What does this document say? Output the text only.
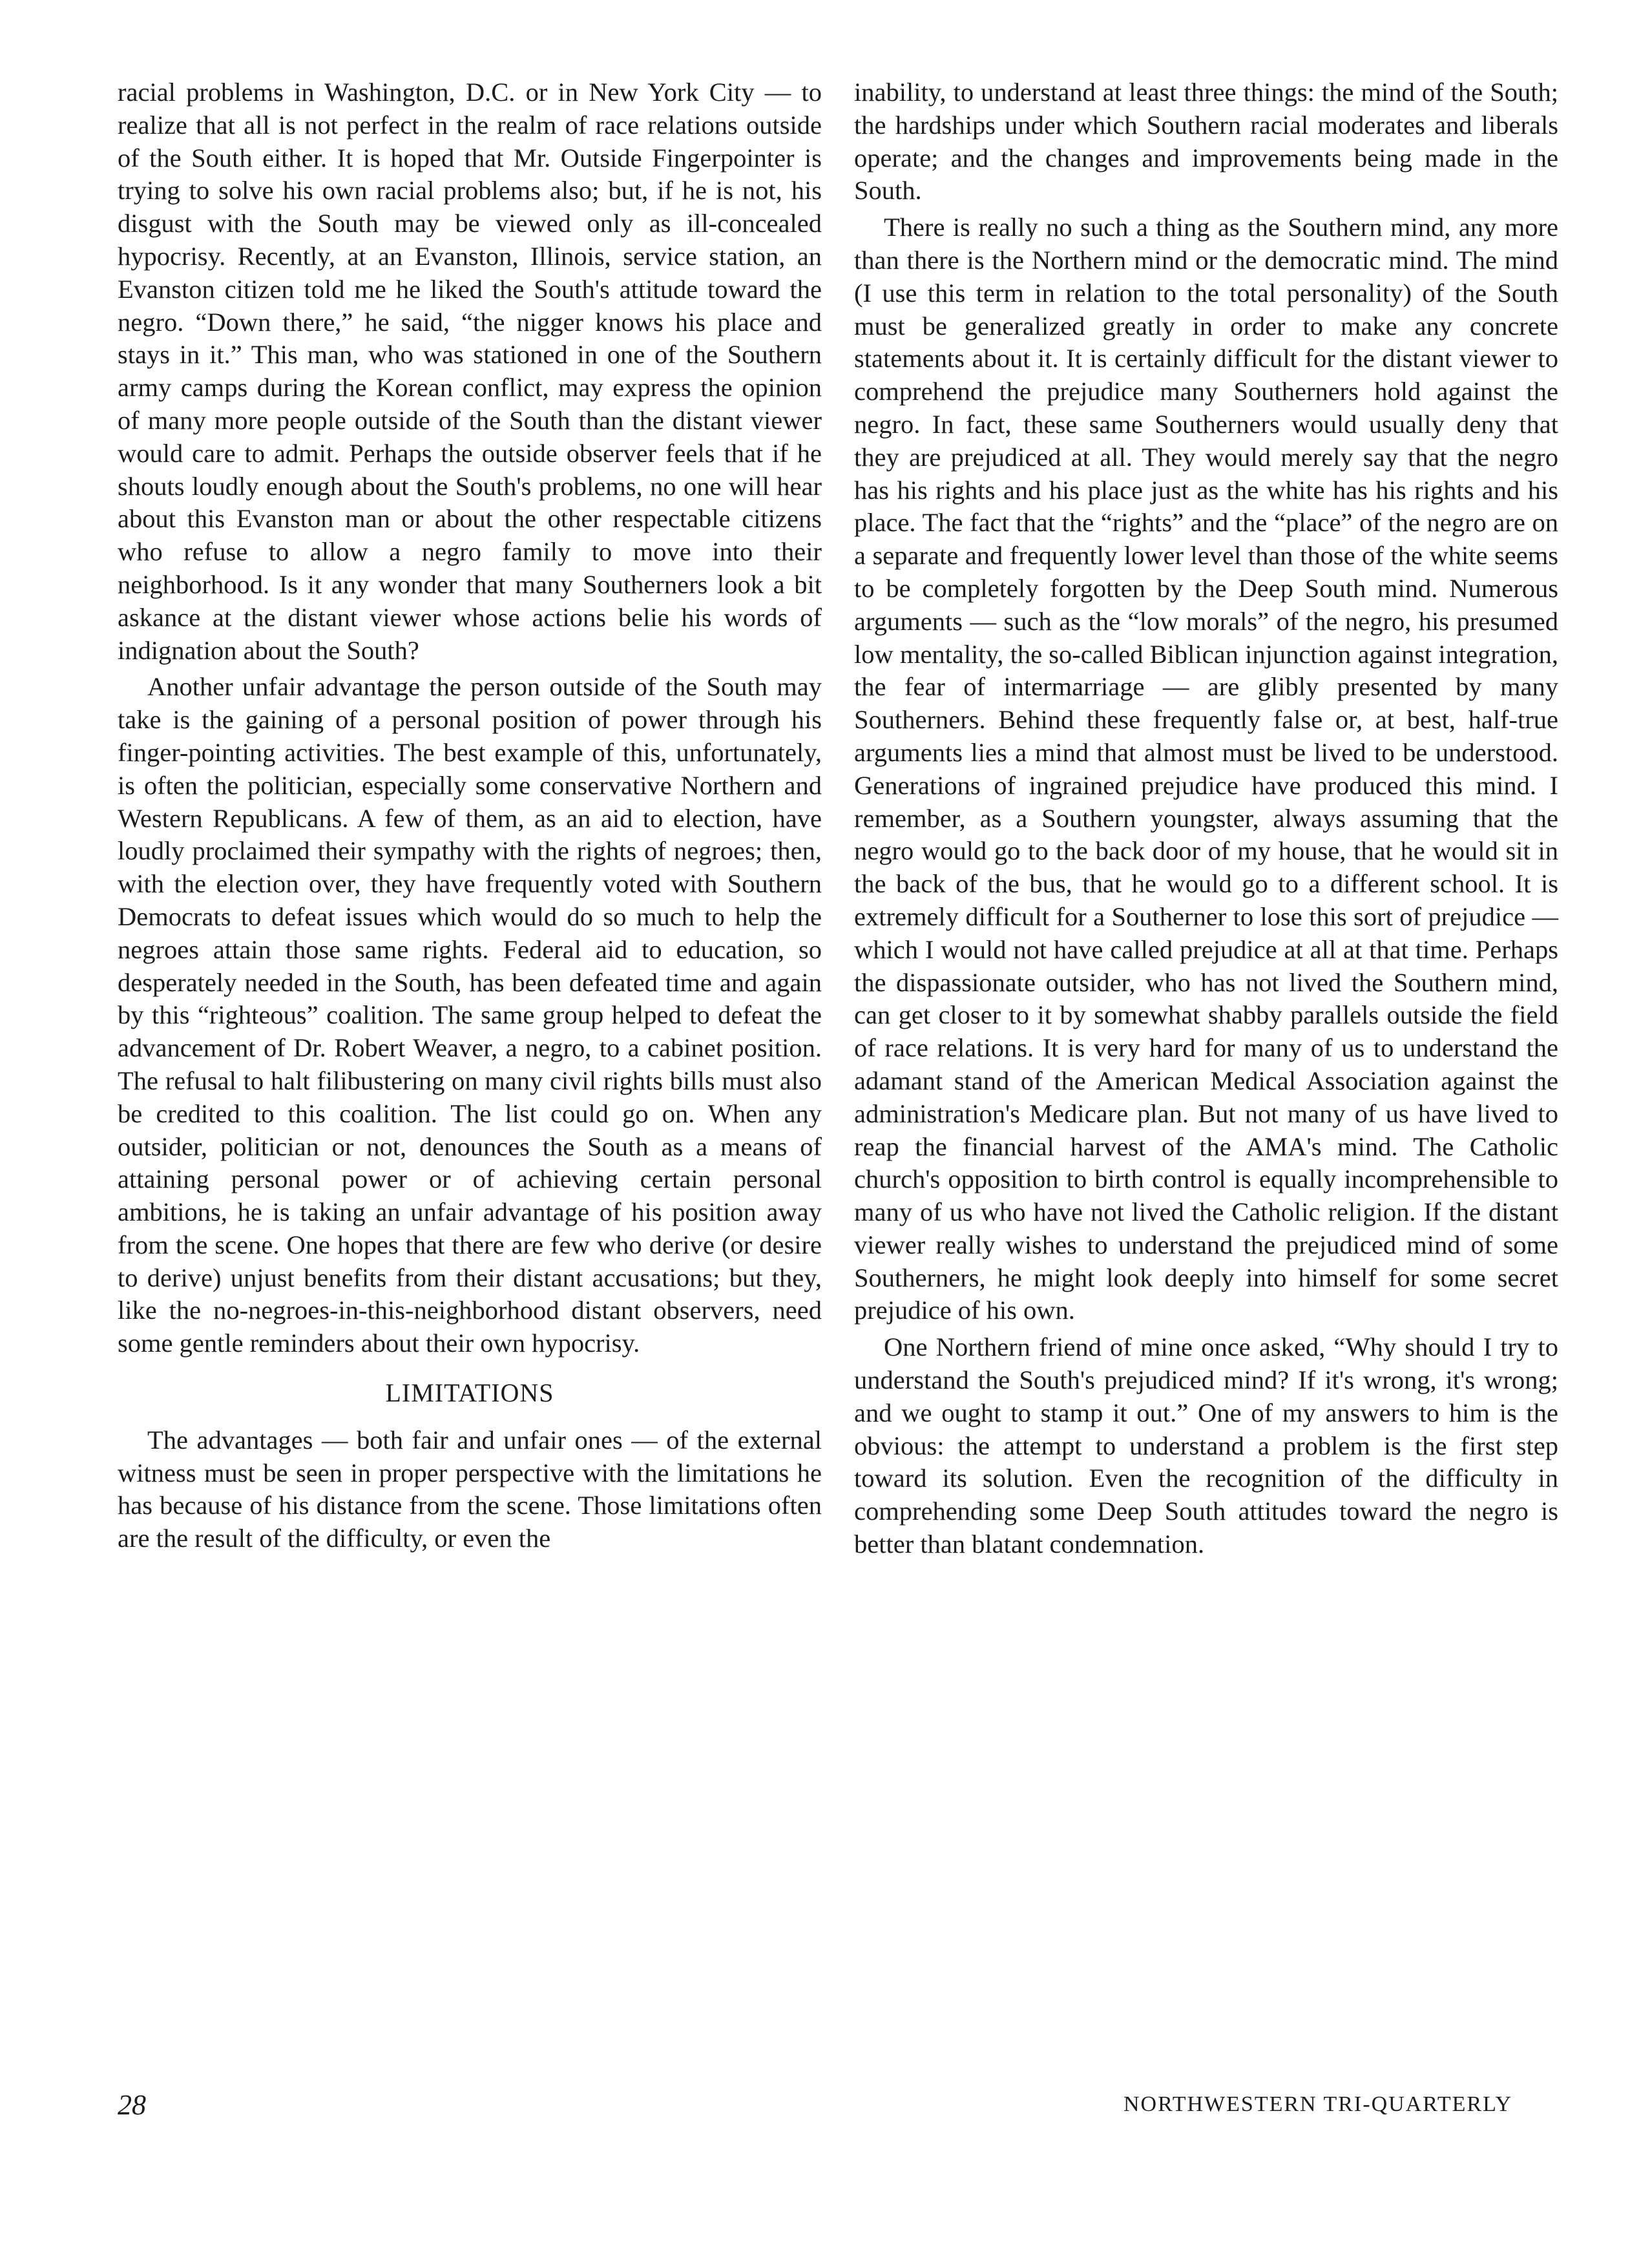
racial problems in Washington, D.C. or in New York City — to realize that all is not perfect in the realm of race relations outside of the South either. It is hoped that Mr. Outside Fingerpointer is trying to solve his own racial problems also; but, if he is not, his disgust with the South may be viewed only as ill-concealed hypocrisy. Recently, at an Evanston, Illinois, service station, an Evanston citizen told me he liked the South's attitude toward the negro. “Down there,” he said, “the nigger knows his place and stays in it.” This man, who was stationed in one of the Southern army camps during the Korean conflict, may express the opinion of many more people outside of the South than the distant viewer would care to admit. Perhaps the outside observer feels that if he shouts loudly enough about the South's problems, no one will hear about this Evanston man or about the other respectable citizens who refuse to allow a negro family to move into their neighborhood. Is it any wonder that many Southerners look a bit askance at the distant viewer whose actions belie his words of indignation about the South?

Another unfair advantage the person outside of the South may take is the gaining of a personal position of power through his finger-pointing activities. The best example of this, unfortunately, is often the politician, especially some conservative Northern and Western Republicans. A few of them, as an aid to election, have loudly proclaimed their sympathy with the rights of negroes; then, with the election over, they have frequently voted with Southern Democrats to defeat issues which would do so much to help the negroes attain those same rights. Federal aid to education, so desperately needed in the South, has been defeated time and again by this “righteous” coalition. The same group helped to defeat the advancement of Dr. Robert Weaver, a negro, to a cabinet position. The refusal to halt filibustering on many civil rights bills must also be credited to this coalition. The list could go on. When any outsider, politician or not, denounces the South as a means of attaining personal power or of achieving certain personal ambitions, he is taking an unfair advantage of his position away from the scene. One hopes that there are few who derive (or desire to derive) unjust benefits from their distant accusations; but they, like the no-negroes-in-this-neighborhood distant observers, need some gentle reminders about their own hypocrisy.

LIMITATIONS

The advantages — both fair and unfair ones — of the external witness must be seen in proper perspective with the limitations he has because of his distance from the scene. Those limitations often are the result of the difficulty, or even the

inability, to understand at least three things: the mind of the South; the hardships under which Southern racial moderates and liberals operate; and the changes and improvements being made in the South.

There is really no such a thing as the Southern mind, any more than there is the Northern mind or the democratic mind. The mind (I use this term in relation to the total personality) of the South must be generalized greatly in order to make any concrete statements about it. It is certainly difficult for the distant viewer to comprehend the prejudice many Southerners hold against the negro. In fact, these same Southerners would usually deny that they are prejudiced at all. They would merely say that the negro has his rights and his place just as the white has his rights and his place. The fact that the “rights” and the “place” of the negro are on a separate and frequently lower level than those of the white seems to be completely forgotten by the Deep South mind. Numerous arguments — such as the “low morals” of the negro, his presumed low mentality, the so-called Biblican injunction against integration, the fear of intermarriage — are glibly presented by many Southerners. Behind these frequently false or, at best, half-true arguments lies a mind that almost must be lived to be understood. Generations of ingrained prejudice have produced this mind. I remember, as a Southern youngster, always assuming that the negro would go to the back door of my house, that he would sit in the back of the bus, that he would go to a different school. It is extremely difficult for a Southerner to lose this sort of prejudice — which I would not have called prejudice at all at that time. Perhaps the dispassionate outsider, who has not lived the Southern mind, can get closer to it by somewhat shabby parallels outside the field of race relations. It is very hard for many of us to understand the adamant stand of the American Medical Association against the administration's Medicare plan. But not many of us have lived to reap the financial harvest of the AMA's mind. The Catholic church's opposition to birth control is equally incomprehensible to many of us who have not lived the Catholic religion. If the distant viewer really wishes to understand the prejudiced mind of some Southerners, he might look deeply into himself for some secret prejudice of his own.

One Northern friend of mine once asked, “Why should I try to understand the South's prejudiced mind? If it's wrong, it's wrong; and we ought to stamp it out.” One of my answers to him is the obvious: the attempt to understand a problem is the first step toward its solution. Even the recognition of the difficulty in comprehending some Deep South attitudes toward the negro is better than blatant condemnation.

28	NORTHWESTERN TRI-QUARTERLY
